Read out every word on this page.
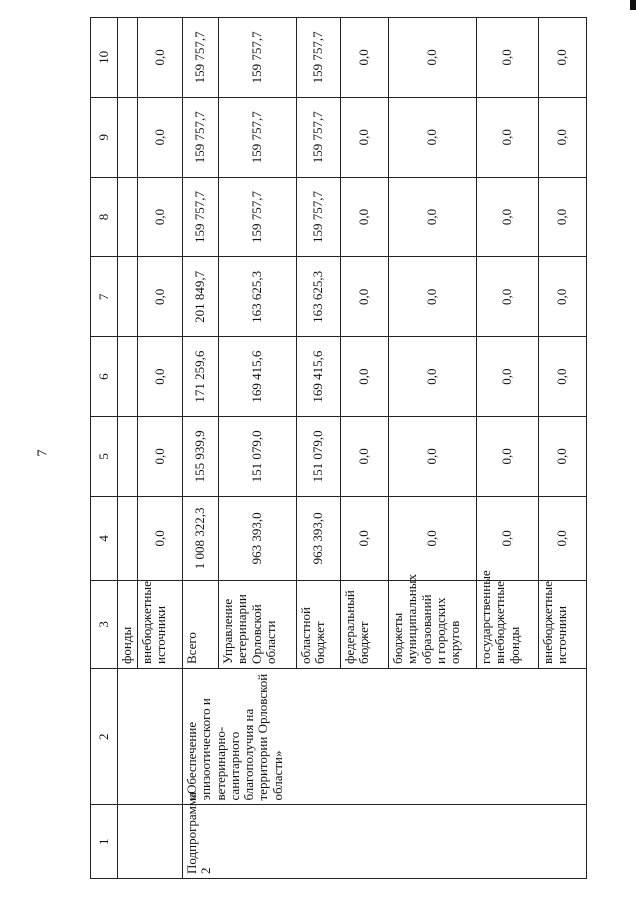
7
1	2	3	4	5	6	7	8	9	10
		фонды							
		внебюджетные источники	0,0	0,0	0,0	0,0	0,0	0,0	0,0
Подпрограмма 2	«Обеспечение эпизоотического и ветеринарно-санитарного благополучия на территории Орловской области»	Всего	1 008 322,3	155 939,9	171 259,6	201 849,7	159 757,7	159 757,7	159 757,7
		Управление ветеринарии Орловской области	963 393,0	151 079,0	169 415,6	163 625,3	159 757,7	159 757,7	159 757,7
		областной бюджет	963 393,0	151 079,0	169 415,6	163 625,3	159 757,7	159 757,7	159 757,7
		федеральный бюджет	0,0	0,0	0,0	0,0	0,0	0,0	0,0
		бюджеты муниципальных образований и городских округов	0,0	0,0	0,0	0,0	0,0	0,0	0,0
		государственные внебюджетные фонды	0,0	0,0	0,0	0,0	0,0	0,0	0,0
		внебюджетные источники	0,0	0,0	0,0	0,0	0,0	0,0	0,0
